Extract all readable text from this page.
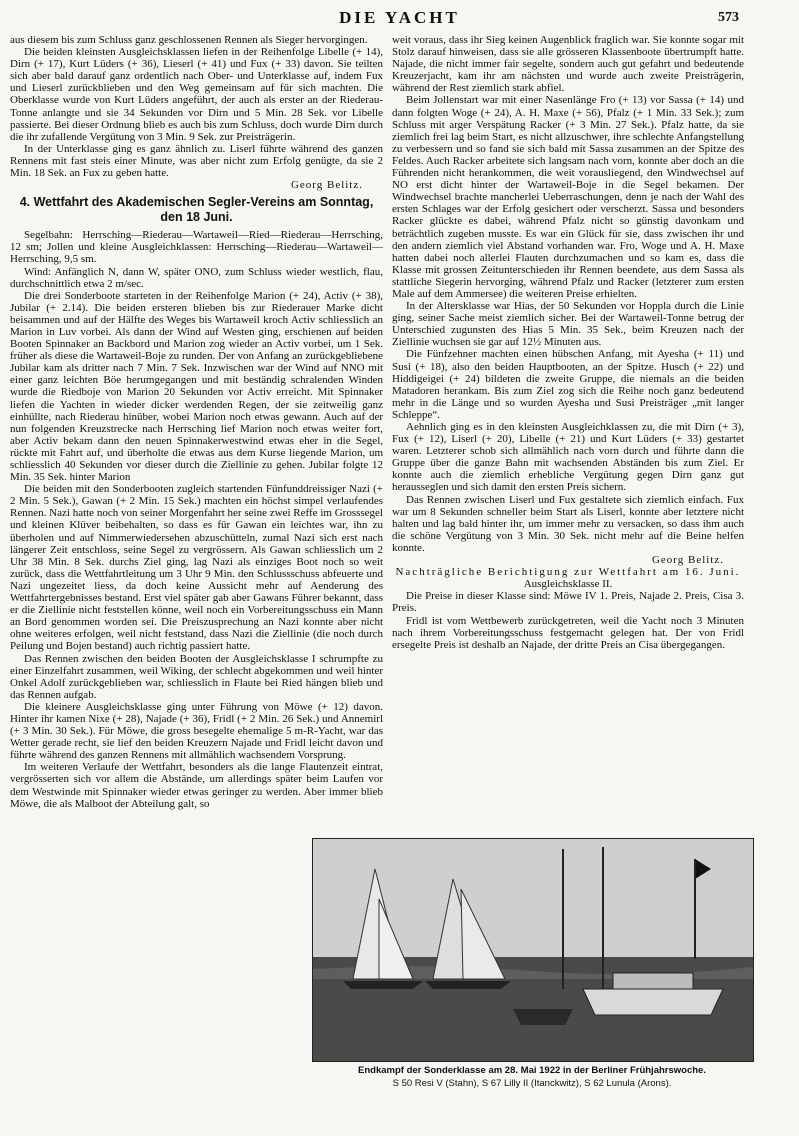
DIE YACHT	573

aus diesem bis zum Schluss ganz geschlossenen Rennen als Sieger hervorgingen.

Die beiden kleinsten Ausgleichsklassen liefen in der Reihenfolge Libelle (+ 14), Dirn (+ 17), Kurt Lüders (+ 36), Lieserl (+ 41) und Fux (+ 33) davon. Sie teilten sich aber bald darauf ganz ordentlich nach Ober- und Unterklasse auf, indem Fux und Lieserl zurückblieben und den Weg gemeinsam auf für sich machten. Die Oberklasse wurde von Kurt Lüders angeführt, der auch als erster an der Riederau-Tonne anlangte und sie 34 Sekunden vor Dirn und 5 Min. 28 Sek. vor Libelle passierte. Bei dieser Ordnung blieb es auch bis zum Schluss, doch wurde Dirn durch die ihr zufallende Vergütung von 3 Min. 9 Sek. zur Preisträgerin.

In der Unterklasse ging es ganz ähnlich zu. Liserl führte während des ganzen Rennens mit fast steis einer Minute, was aber nicht zum Erfolg genügte, da sie 2 Min. 18 Sek. an Fux zu geben hatte.

Georg Belitz.
4. Wettfahrt des Akademischen Segler-Vereins am Sonntag, den 18 Juni.

Segelbahn: Herrsching—Riederau—Wartaweil—Ried—Riederau—Herrsching, 12 sm; Jollen und kleine Ausgleichklassen: Herrsching—Riederau—Wartaweil—Herrsching, 9,5 sm.

Wind: Anfänglich N, dann W, später ONO, zum Schluss wieder westlich, flau, durchschnittlich etwa 2 m/sec.

Die drei Sonderboote starteten in der Reihenfolge Marion (+ 24), Activ (+ 38), Jubilar (+ 2.14). Die beiden ersteren blieben bis zur Riederauer Marke dicht beisammen und auf der Hälfte des Weges bis Wartaweil kroch Activ schliesslich an Marion in Luv vorbei. Als dann der Wind auf Westen ging, erschienen auf beiden Booten Spinnaker an Backbord und Marion zog wieder an Activ vorbei, um 1 Sek. früher als diese die Wartaweil-Boje zu runden. Der von Anfang an zurückgebliebene Jubilar kam als dritter nach 7 Min. 7 Sek. Inzwischen war der Wind auf NNO mit einer ganz leichten Böe herumgegangen und mit beständig schralenden Winden wurde die Riedboje von Marion 20 Sekunden vor Activ erreicht. Mit Spinnaker liefen die Yachten in wieder dicker werdenden Regen, der sie zeitweilig ganz einhüllte, nach Riederau hinüber, wobei Marion noch etwas gewann. Auch auf der nun folgenden Kreuzstrecke nach Herrsching lief Marion noch etwas weiter fort, aber Activ bekam dann den neuen Spinnakerwestwind etwas eher in die Segel, rückte mit Fahrt auf, und überholte die etwas aus dem Kurse liegende Marion, um schliesslich 40 Sekunden vor dieser durch die Ziellinie zu gehen. Jubilar folgte 12 Min. 35 Sek. hinter Marion

Die beiden mit den Sonderbooten zugleich startenden Fünfunddreissiger Nazi (+ 2 Min. 5 Sek.), Gawan (+ 2 Min. 15 Sek.) machten ein höchst simpel verlaufendes Rennen. Nazi hatte noch von seiner Morgenfahrt her seine zwei Reffe im Grosssegel und kleinen Klüver beibehalten, so dass es für Gawan ein leichtes war, ihn zu überholen und auf Nimmerwiedersehen abzuschütteln, zumal Nazi sich erst nach längerer Zeit entschloss, seine Segel zu vergrössern. Als Gawan schliesslich um 2 Uhr 38 Min. 8 Sek. durchs Ziel ging, lag Nazi als einziges Boot noch so weit zurück, dass die Wettfahrtleitung um 3 Uhr 9 Min. den Schlussschuss abfeuerte und Nazi ungezeitet liess, da doch keine Aussicht mehr auf Aenderung des Wettfahrtergebnisses bestand. Erst viel später gab aber Gawans Führer bekannt, dass er die Ziellinie nicht feststellen könne, weil noch ein Vorbereitungsschuss ein Mann an Bord genommen worden sei. Die Preiszusprechung an Nazi konnte aber nicht ohne weiteres erfolgen, weil nicht feststand, dass Nazi die Ziellinie (die noch durch Peilung und Bojen bestand) auch richtig passiert hatte.

Das Rennen zwischen den beiden Booten der Ausgleichsklasse I schrumpfte zu einer Einzelfahrt zusammen, weil Wiking, der schlecht abgekommen und weil hinter Onkel Adolf zurückgeblieben war, schliesslich in Flaute bei Ried hängen blieb und das Rennen aufgab.

Die kleinere Ausgleichsklasse ging unter Führung von Möwe (+ 12) davon. Hinter ihr kamen Nixe (+ 28), Najade (+ 36), Fridl (+ 2 Min. 26 Sek.) und Annemirl (+ 3 Min. 30 Sek.). Für Möwe, die gross besegelte ehemalige 5 m-R-Yacht, war das Wetter gerade recht, sie lief den beiden Kreuzern Najade und Fridl leicht davon und führte während des ganzen Rennens mit allmählich wachsendem Vorsprung.

Im weiteren Verlaufe der Wettfahrt, besonders als die lange Flautenzeit eintrat, vergrösserten sich vor allem die Abstände, um allerdings später beim Laufen vor dem Westwinde mit Spinnaker wieder etwas geringer zu werden. Aber immer blieb Möwe, die als Malboot der Abteilung galt, so

weit voraus, dass ihr Sieg keinen Augenblick fraglich war. Sie konnte sogar mit Stolz darauf hinweisen, dass sie alle grösseren Klassenboote übertrumpft hatte. Najade, die nicht immer fair segelte, sondern auch gut gefahrt und bedeutende Kreuzerjacht, kam ihr am nächsten und wurde auch zweite Preisträgerin, während der Rest ziemlich stark abfiel.

Beim Jollenstart war mit einer Nasenlänge Fro (+ 13) vor Sassa (+ 14) und dann folgten Woge (+ 24), A. H. Maxe (+ 56), Pfalz (+ 1 Min. 33 Sek.); zum Schluss mit arger Verspätung Racker (+ 3 Min. 27 Sek.). Pfalz hatte, da sie ziemlich frei lag beim Start, es nicht allzuschwer, ihre schlechte Anfangstellung zu verbessern und so fand sie sich bald mit Sassa zusammen an der Spitze des Feldes. Auch Racker arbeitete sich langsam nach vorn, konnte aber doch an die Führenden nicht herankommen, die weit vorausliegend, den Windwechsel auf NO erst dicht hinter der Wartaweil-Boje in die Segel bekamen. Der Windwechsel brachte mancherlei Ueberraschungen, denn je nach der Wahl des ersten Schlages war der Erfolg gesichert oder verscherzt. Sassa und besonders Racker glückte es dabei, während Pfalz nicht so günstig davonkam und beträchtlich zugeben musste. Es war ein Glück für sie, dass zwischen ihr und den andern ziemlich viel Abstand vorhanden war. Fro, Woge und A. H. Maxe hatten dabei noch allerlei Flauten durchzumachen und so kam es, dass die Klasse mit grossen Zeitunterschieden ihr Rennen beendete, aus dem Sassa als stattliche Siegerin hervorging, während Pfalz und Racker (letzterer zum ersten Male auf dem Ammersee) die weiteren Preise erhielten.

In der Altersklasse war Hias, der 50 Sekunden vor Hoppla durch die Linie ging, seiner Sache meist ziemlich sicher. Bei der Wartaweil-Tonne betrug der Unterschied zugunsten des Hias 5 Min. 35 Sek., beim Kreuzen nach der Ziellinie wuchsen sie gar auf 12½ Minuten aus.

Die Fünfzehner machten einen hübschen Anfang, mit Ayesha (+ 11) und Susi (+ 18), also den beiden Hauptbooten, an der Spitze. Husch (+ 22) und Hiddigeigei (+ 24) bildeten die zweite Gruppe, die niemals an die beiden Matadoren herankam. Bis zum Ziel zog sich die Reihe noch ganz bedeutend mehr in die Länge und so wurden Ayesha und Susi Preisträger „mit langer Schleppe“.

Aehnlich ging es in den kleinsten Ausgleichklassen zu, die mit Dirn (+ 3), Fux (+ 12), Liserl (+ 20), Libelle (+ 21) und Kurt Lüders (+ 33) gestartet waren. Letzterer schob sich allmählich nach vorn durch und führte dann die Gruppe über die ganze Bahn mit wachsenden Abständen bis zum Ziel. Er konnte auch die ziemlich erhebliche Vergütung gegen Dirn ganz gut herausseglen und sich damit den ersten Preis sichern.

Das Rennen zwischen Liserl und Fux gestaltete sich ziemlich einfach. Fux war um 8 Sekunden schneller beim Start als Liserl, konnte aber letztere nicht halten und lag bald hinter ihr, um immer mehr zu versacken, so dass ihm auch die schöne Vergütung von 3 Min. 30 Sek. nicht mehr auf die Beine helfen konnte.

Georg Belitz.

Nachträgliche Berichtigung zur Wettfahrt am 16. Juni.

Ausgleichsklasse II.

Die Preise in dieser Klasse sind: Möwe IV 1. Preis, Najade 2. Preis, Cisa 3. Preis.

Fridl ist vom Wettbewerb zurückgetreten, weil die Yacht noch 3 Minuten nach ihrem Vorbereitungsschuss festgemacht gelegen hat. Der von Fridl ersegelte Preis ist deshalb an Najade, der dritte Preis an Cisa übergegangen.

Endkampf der Sonderklasse am 28. Mai 1922 in der Berliner Frühjahrswoche.
S 50 Resi V (Stahn), S 67 Lilly II (Itanckwitz), S 62 Lunula (Arons).
